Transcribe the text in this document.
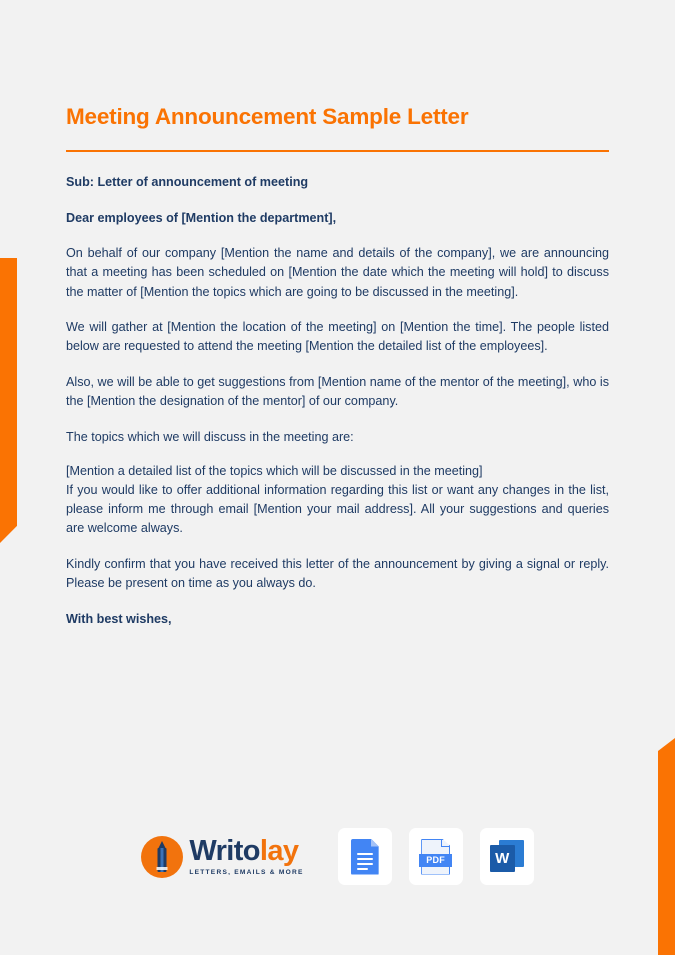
Meeting Announcement Sample Letter

Sub: Letter of announcement of meeting

Dear employees of [Mention the department],

On behalf of our company [Mention the name and details of the company], we are announcing that a meeting has been scheduled on [Mention the date which the meeting will hold] to discuss the matter of [Mention the topics which are going to be discussed in the meeting].

We will gather at [Mention the location of the meeting] on [Mention the time]. The people listed below are requested to attend the meeting [Mention the detailed list of the employees].

Also, we will be able to get suggestions from [Mention name of the mentor of the meeting], who is the [Mention the designation of the mentor] of our company.

The topics which we will discuss in the meeting are:

[Mention a detailed list of the topics which will be discussed in the meeting]

If you would like to offer additional information regarding this list or want any changes in the list, please inform me through email [Mention your mail address]. All your suggestions and queries are welcome always.

Kindly confirm that you have received this letter of the announcement by giving a signal or reply. Please be present on time as you always do.

With best wishes,

Writolay
LETTERS, EMAILS & MORE
PDF	W
